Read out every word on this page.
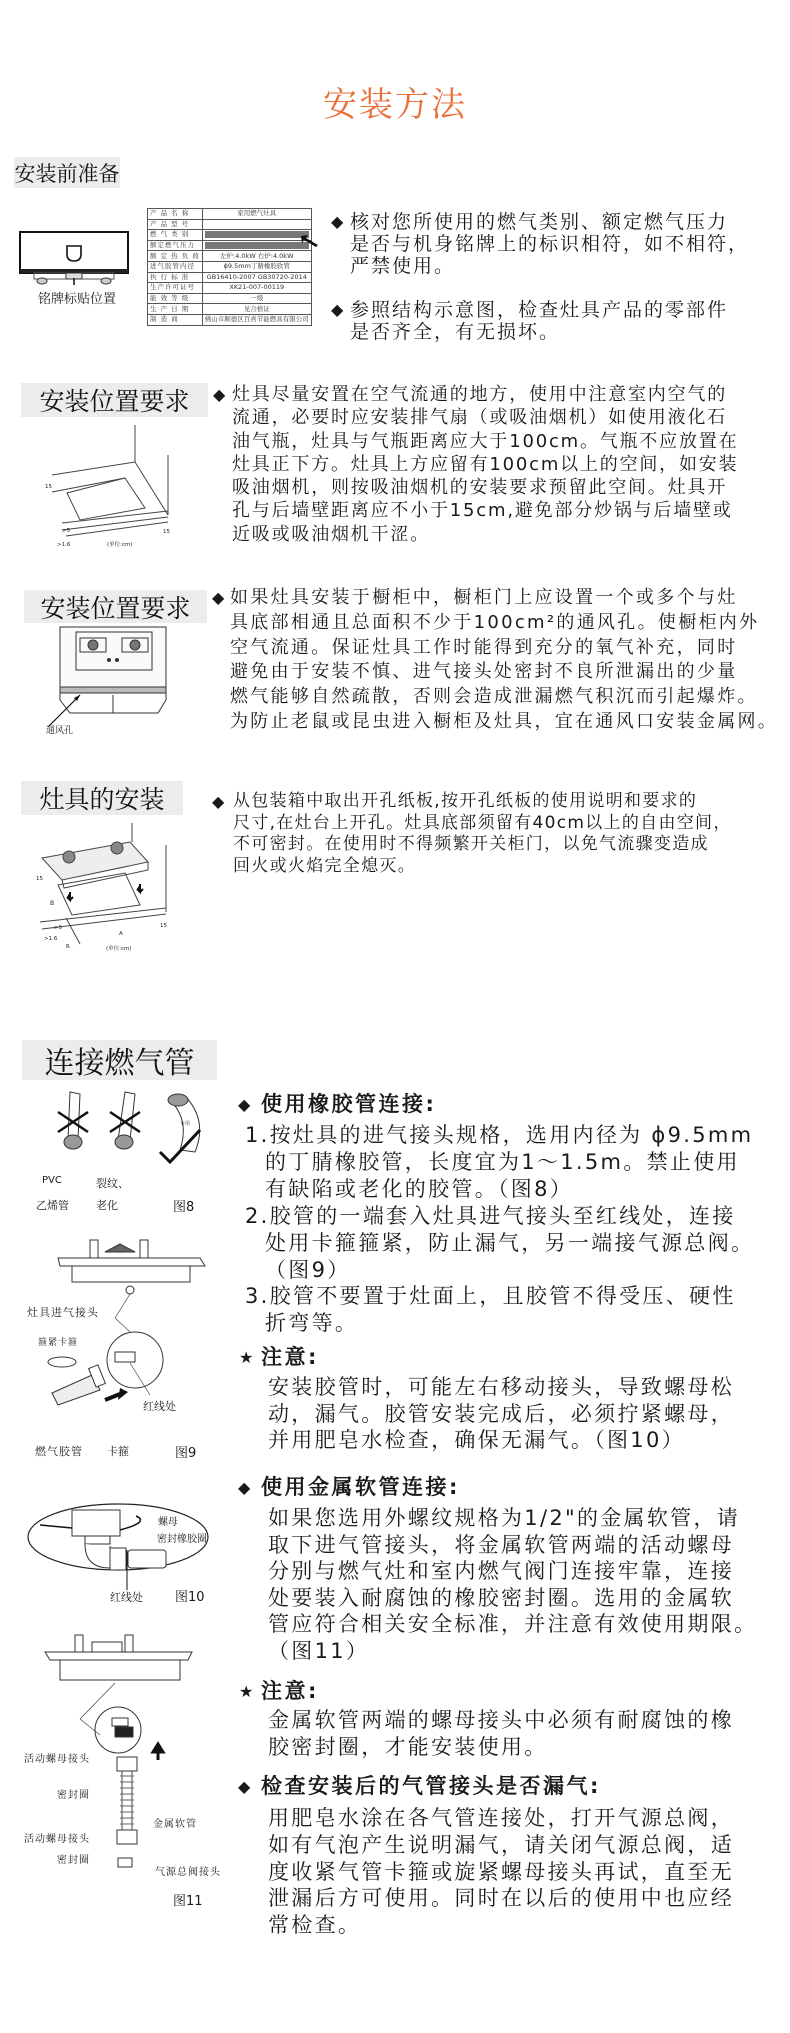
安装方法
安装前准备
铭牌标贴位置
产 品 名 称	家用燃气灶具
产 品 型 号	
燃 气 类 别	

额定燃气压力	

额 定 热 负 荷	左炉:4.0kW 右炉:4.0kW
进气胶管内径	ϕ9.5mm丁腈橡胶软管
执 行 标 准	GB16410-2007 GB30720-2014
生产许可证号	XK21-007-00119
能 效 等 级	一级
生 产 日 期	见合格证
制 造 商	佛山市顺德区百喜节能燃具有限公司
◆ 核对您所使用的燃气类别、额定燃气压力
是否与机身铭牌上的标识相符，如不相符，
严禁使用。
◆ 参照结构示意图，检查灶具产品的零部件
是否齐全，有无损坏。
安装位置要求
15
>5
>1.6
15
(单位:cm)
◆ 灶具尽量安置在空气流通的地方，使用中注意室内空气的
流通，必要时应安装排气扇（或吸油烟机）如使用液化石
油气瓶，灶具与气瓶距离应大于100cm。气瓶不应放置在
灶具正下方。灶具上方应留有100cm以上的空间，如安装
吸油烟机，则按吸油烟机的安装要求预留此空间。灶具开
孔与后墙壁距离应不小于15cm,避免部分炒锅与后墙壁或
近吸或吸油烟机干涩。
安装位置要求
通风孔
◆ 如果灶具安装于橱柜中，橱柜门上应设置一个或多个与灶
具底部相通且总面积不少于100cm²的通风孔。使橱柜内外
空气流通。保证灶具工作时能得到充分的氧气补充，同时
避免由于安装不慎、进气接头处密封不良所泄漏出的少量
燃气能够自然疏散，否则会造成泄漏燃气积沉而引起爆炸。
为防止老鼠或昆虫进入橱柜及灶具，宜在通风口安装金属网。
灶具的安装
15
B
>5
>1.6
R
A
15
(单位:cm)
◆ 从包装箱中取出开孔纸板,按开孔纸板的使用说明和要求的
尺寸,在灶台上开孔。灶具底部须留有40cm以上的自由空间，
不可密封。在使用时不得频繁开关柜门，以免气流骤变造成
回火或火焰完全熄灭。
连接燃气管
专用
PVC
乙烯管
裂纹、
老化	图8
灶具进气接头
箍紧卡箍
红线处
燃气胶管 卡箍	图9
螺母
密封橡胶圈
红线处 图10
活动螺母接头
密封圈
金属软管
活动螺母接头
密封圈
气源总阀接头
图11
◆ 使用橡胶管连接:
1.按灶具的进气接头规格，选用内径为 ϕ9.5mm
的丁腈橡胶管，长度宜为1～1.5m。禁止使用
有缺陷或老化的胶管。（图8）
2.胶管的一端套入灶具进气接头至红线处，连接
处用卡箍箍紧，防止漏气，另一端接气源总阀。
（图9）
3.胶管不要置于灶面上，且胶管不得受压、硬性
折弯等。
★ 注意:
安装胶管时，可能左右移动接头，导致螺母松
动，漏气。胶管安装完成后，必须拧紧螺母，
并用肥皂水检查，确保无漏气。（图10）
◆ 使用金属软管连接:
如果您选用外螺纹规格为1/2"的金属软管，请
取下进气管接头，将金属软管两端的活动螺母
分别与燃气灶和室内燃气阀门连接牢靠，连接
处要装入耐腐蚀的橡胶密封圈。选用的金属软
管应符合相关安全标准，并注意有效使用期限。
（图11）
★ 注意:
金属软管两端的螺母接头中必须有耐腐蚀的橡
胶密封圈，才能安装使用。
◆ 检查安装后的气管接头是否漏气:
用肥皂水涂在各气管连接处，打开气源总阀，
如有气泡产生说明漏气，请关闭气源总阀，适
度收紧气管卡箍或旋紧螺母接头再试，直至无
泄漏后方可使用。同时在以后的使用中也应经
常检查。
